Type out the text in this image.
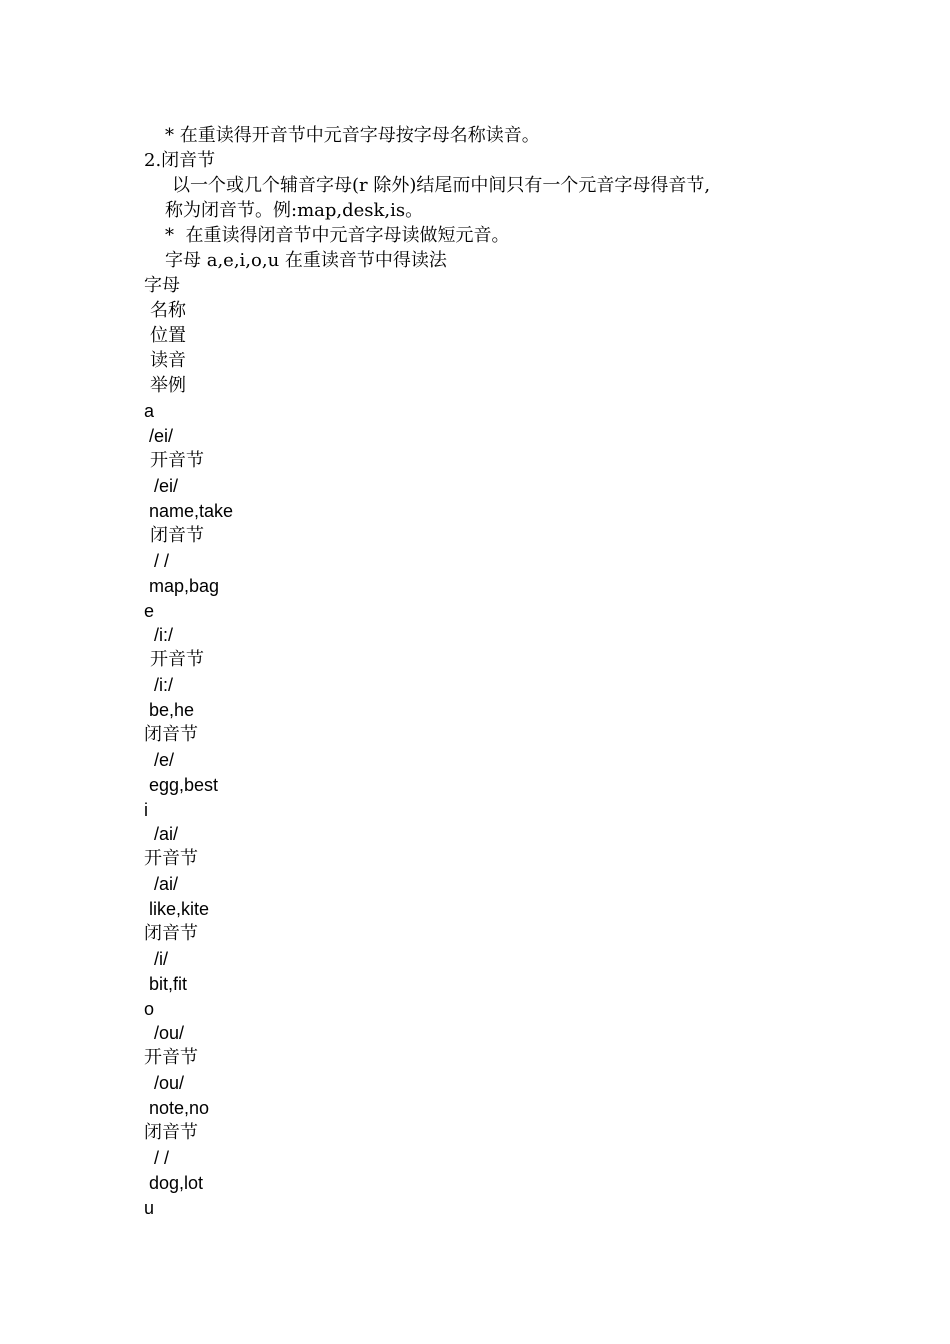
* 在重读得开音节中元音字母按字母名称读音。
2.闭音节
以一个或几个辅音字母(r 除外)结尾而中间只有一个元音字母得音节,
称为闭音节。例:map,desk,is。
*  在重读得闭音节中元音字母读做短元音。
字母 a,e,i,o,u 在重读音节中得读法
字母
名称
位置
读音
举例
a
/ei/
开音节
/ei/
name,take
闭音节
/ /
map,bag
e
/i:/
开音节
/i:/
be,he
闭音节
/e/
egg,best
i
/ai/
开音节
/ai/
like,kite
闭音节
/i/
bit,fit
o
/ou/
开音节
/ou/
note,no
闭音节
/ /
dog,lot
u
